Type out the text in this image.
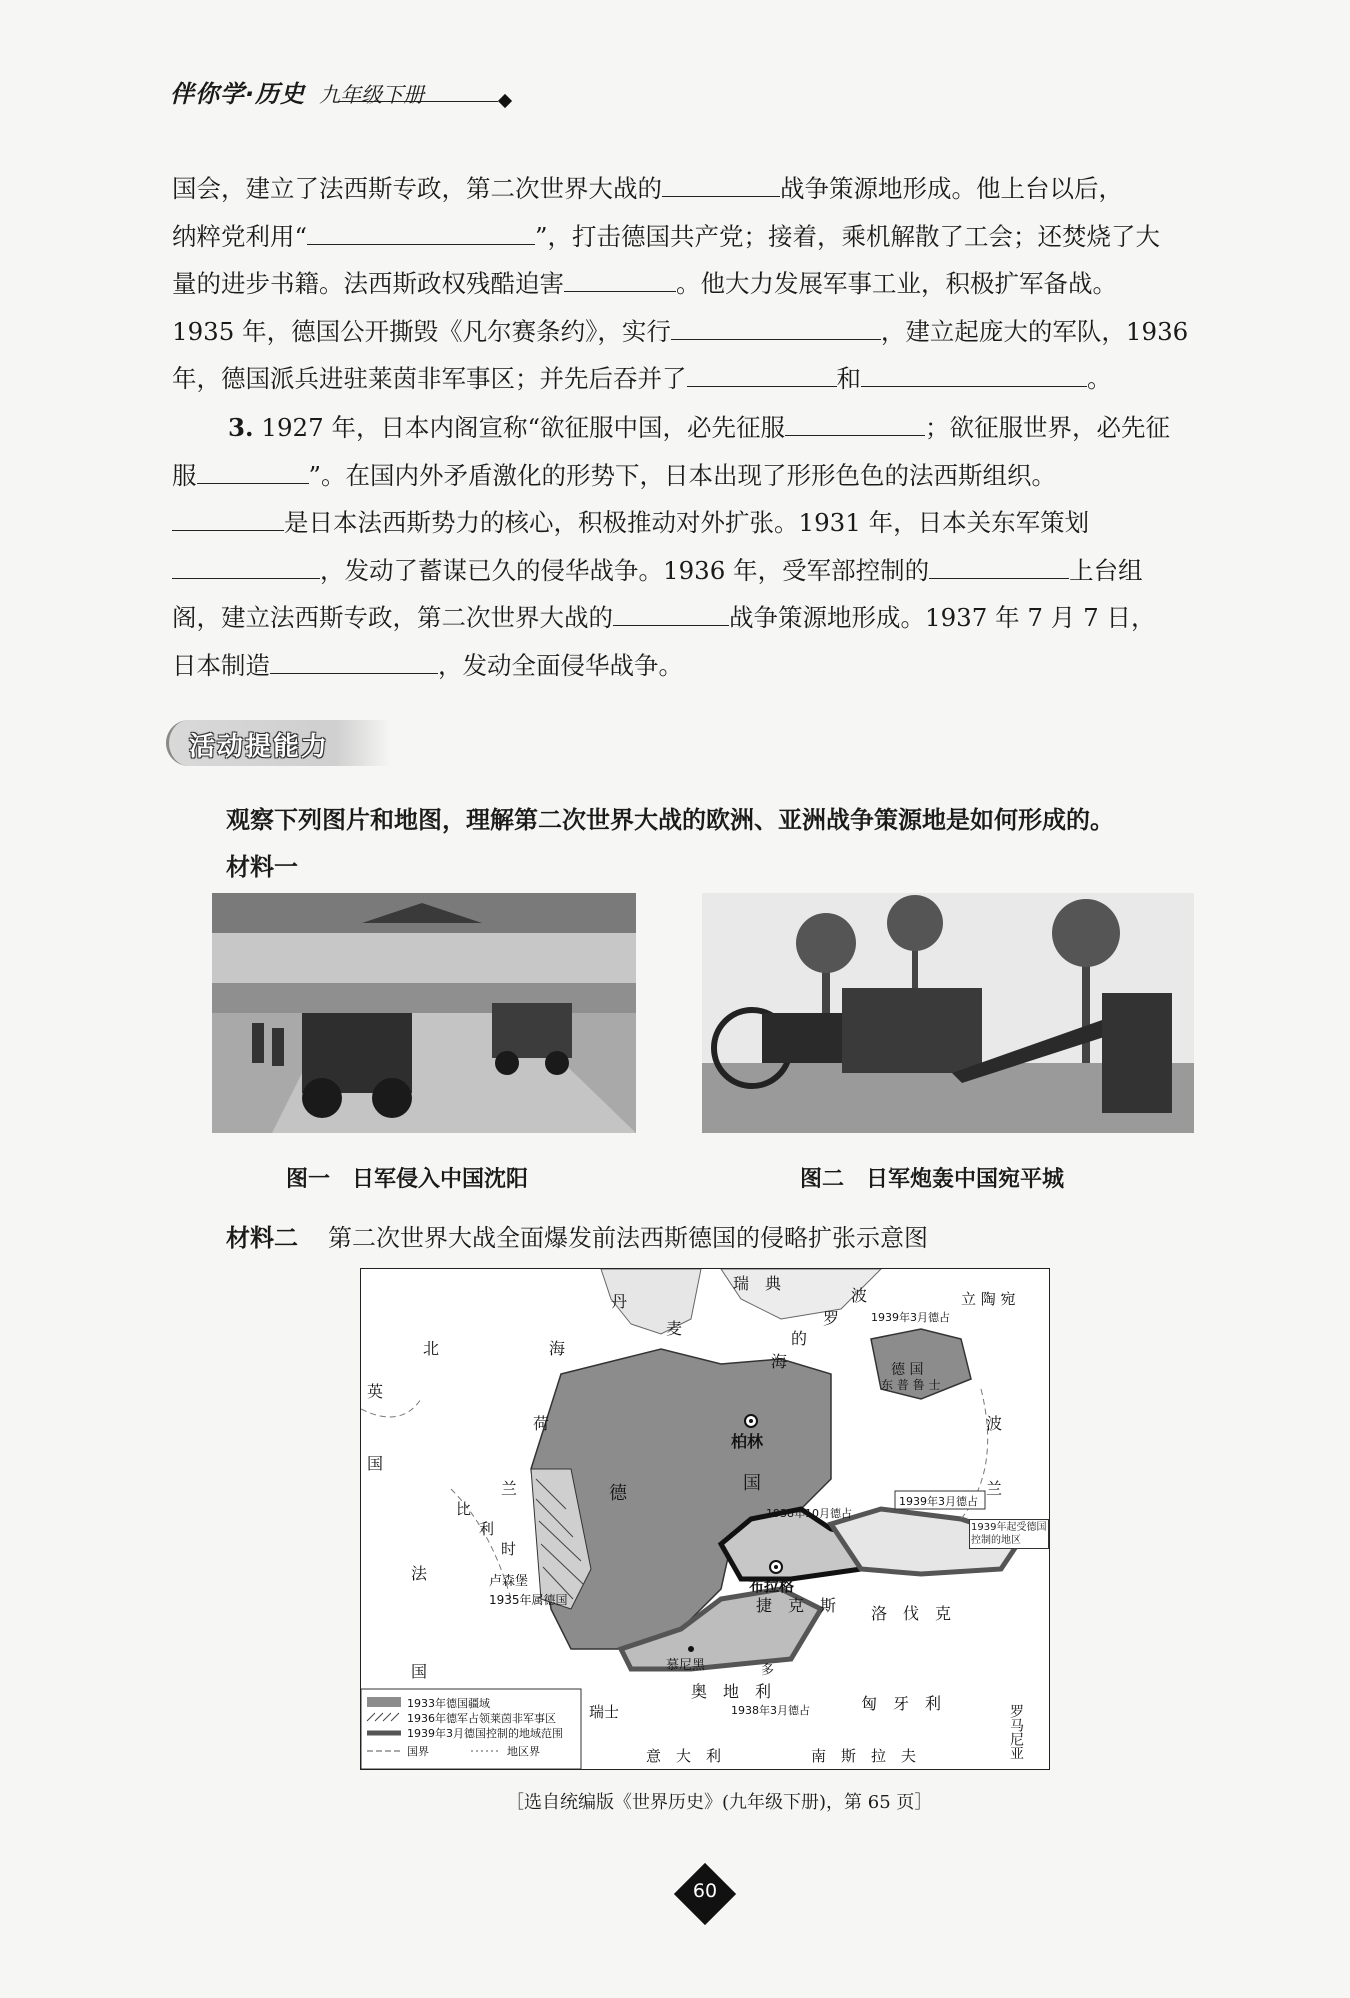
伴你学·历史 九年级下册
国会，建立了法西斯专政，第二次世界大战的	战争策源地形成。他上台以后，
纳粹党利用“	”，打击德国共产党；接着，乘机解散了工会；还焚烧了大
量的进步书籍。法西斯政权残酷迫害	。他大力发展军事工业，积极扩军备战。
1935 年，德国公开撕毁《凡尔赛条约》，实行	，建立起庞大的军队，1936
年，德国派兵进驻莱茵非军事区；并先后吞并了	和	。
3. 1927 年，日本内阁宣称“欲征服中国，必先征服	；欲征服世界，必先征
服	”。在国内外矛盾激化的形势下，日本出现了形形色色的法西斯组织。
是日本法西斯势力的核心，积极推动对外扩张。1931 年，日本关东军策划
，发动了蓄谋已久的侵华战争。1936 年，受军部控制的	上台组
阁，建立法西斯专政，第二次世界大战的	战争策源地形成。1937 年 7 月 7 日，
日本制造	，发动全面侵华战争。
活动提能力
观察下列图片和地图，理解第二次世界大战的欧洲、亚洲战争策源地是如何形成的。
材料一
图一　日军侵入中国沈阳	图二　日军炮轰中国宛平城
材料二 第二次世界大战全面爆发前法西斯德国的侵略扩张示意图
瑞　典
丹
麦
波
罗
的
海
立 陶 宛
北	海
英
国
荷
兰	德	国
柏林
德 国
东 普 鲁 士
波
兰
比
利
时
法
国
卢森堡
1935年属德国
布拉格
捷　克　斯 洛　伐　克
慕尼黑	多
奥　地　利
瑞士	匈　牙　利
罗马尼亚
意　大　利	南　斯　拉　夫
1939年3月德占
1938年10月德占
1939年3月德占
1939年起受德国控制的地区
1938年3月德占
1933年德国疆域
1936年德军占领莱茵非军事区
1939年3月德国控制的地域范围
国界	地区界
［选自统编版《世界历史》(九年级下册)，第 65 页］
60
